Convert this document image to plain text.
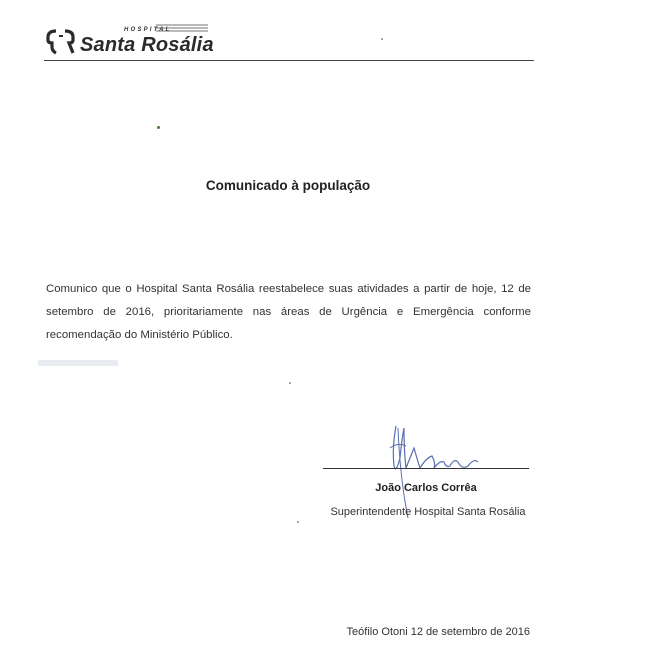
HOSPITAL
Santa Rosália
Comunicado à população
Comunico que o Hospital Santa Rosália reestabelece suas atividades a partir de hoje, 12 de setembro de 2016, prioritariamente nas áreas de Urgência e Emergência conforme recomendação do Ministério Público.
João Carlos Corrêa
Superintendente Hospital Santa Rosália
Teófilo Otoni 12 de setembro de 2016
